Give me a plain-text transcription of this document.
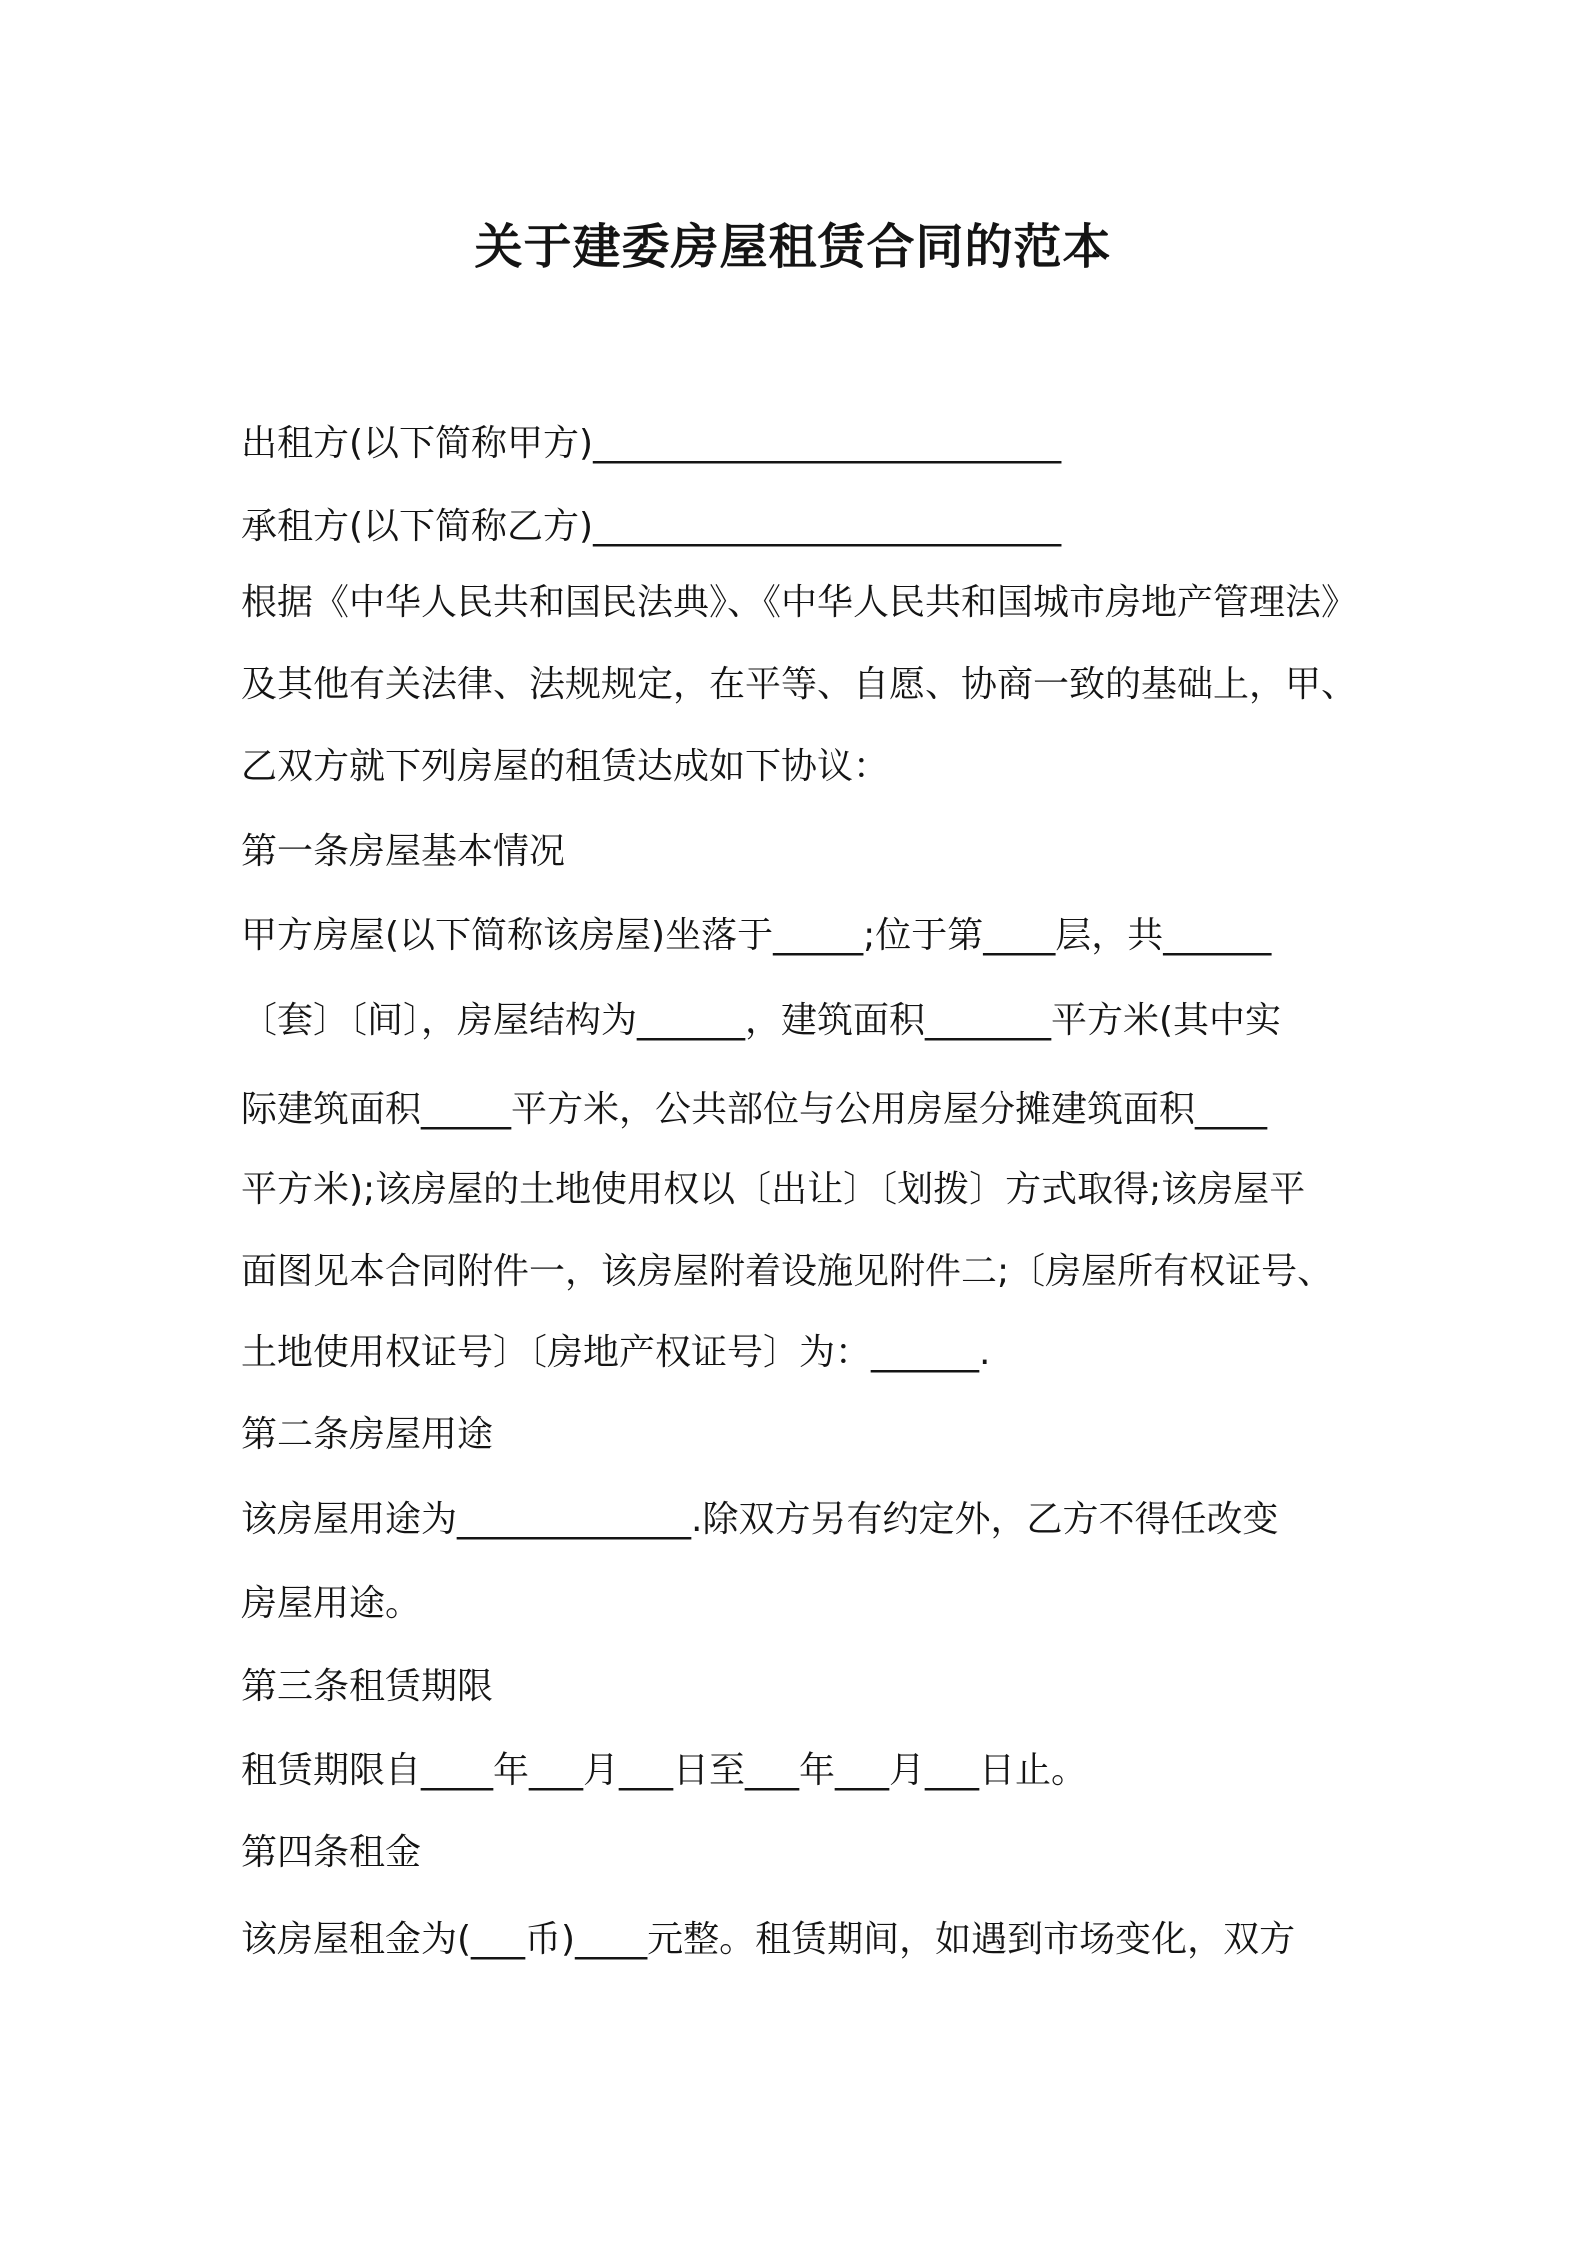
关于建委房屋租赁合同的范本
出租方(以下简称甲方)__________________________
承租方(以下简称乙方)__________________________
根据《中华人民共和国民法典》、《中华人民共和国城市房地产管理法》
及其他有关法律、法规规定，在平等、自愿、协商一致的基础上，甲、
乙双方就下列房屋的租赁达成如下协议：
第一条房屋基本情况
甲方房屋(以下简称该房屋)坐落于_____;位于第____层，共______
〔套〕〔间〕，房屋结构为______，建筑面积_______平方米(其中实
际建筑面积_____平方米，公共部位与公用房屋分摊建筑面积____
平方米);该房屋的土地使用权以〔出让〕〔划拨〕方式取得;该房屋平
面图见本合同附件一，该房屋附着设施见附件二;〔房屋所有权证号、
土地使用权证号〕〔房地产权证号〕为：______.
第二条房屋用途
该房屋用途为_____________.除双方另有约定外，乙方不得任改变
房屋用途。
第三条租赁期限
租赁期限自____年___月___日至___年___月___日止。
第四条租金
该房屋租金为(___币)____元整。租赁期间，如遇到市场变化，双方
